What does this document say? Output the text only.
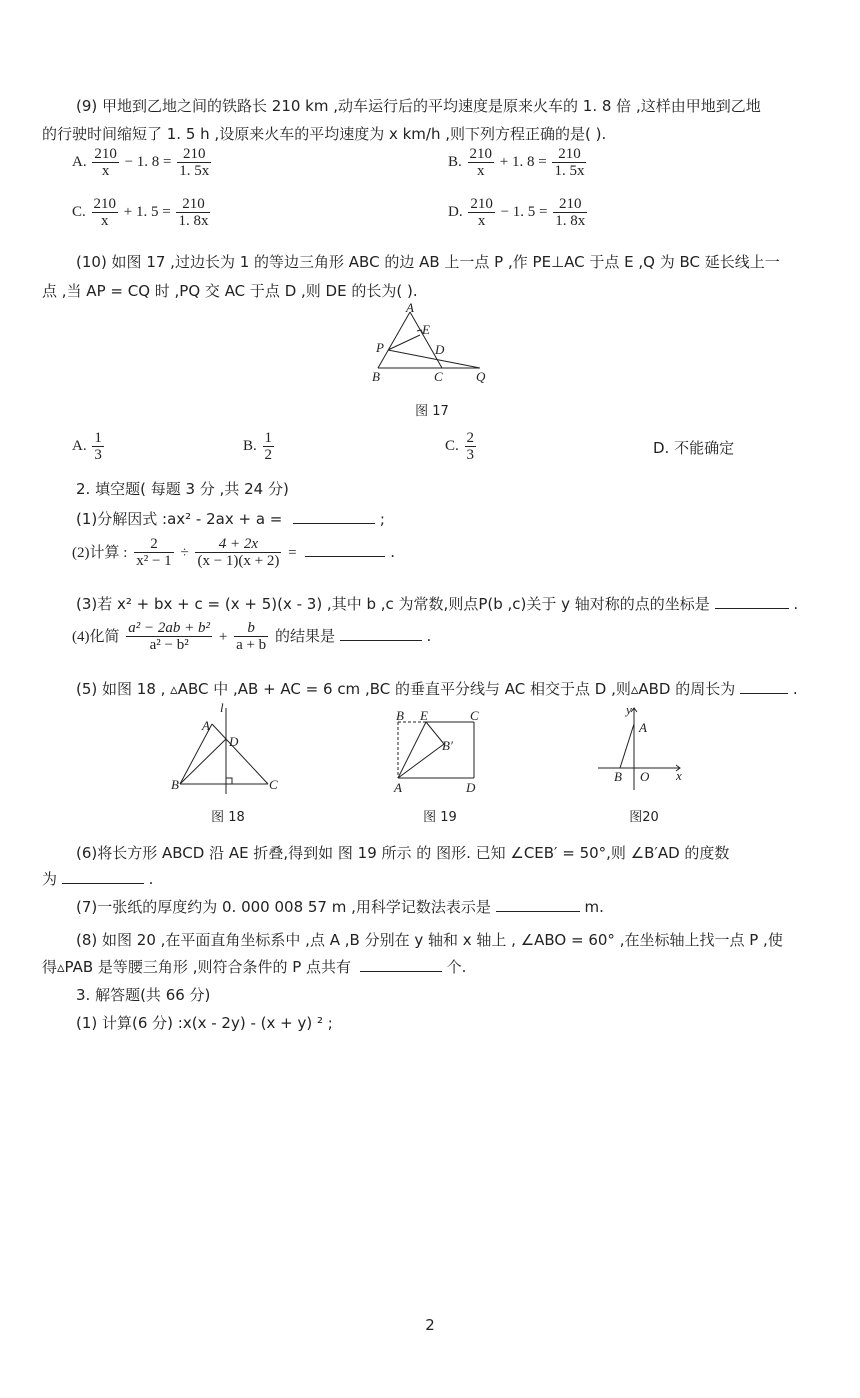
(9) 甲地到乙地之间的铁路长 210 km ,动车运行后的平均速度是原来火车的 1. 8 倍 ,这样由甲地到乙地
的行驶时间缩短了 1. 5 h ,设原来火车的平均速度为 x km/h ,则下列方程正确的是( ).
A. $\frac{210}{x} - 1$. $8 = \frac{210}{1. 5x}$	B. $\frac{210}{x} + 1$. $8 = \frac{210}{1. 5x}$
C. $\frac{210}{x} + 1$. $5 = \frac{210}{1. 8x}$	D. $\frac{210}{x} - 1$. $5 = \frac{210}{1. 8x}$
(10) 如图 17 ,过边长为 1 的等边三角形 ABC 的边 AB 上一点 P ,作 PE⊥AC 于点 E ,Q 为 BC 延长线上一
点 ,当 AP = CQ 时 ,PQ 交 AC 于点 D ,则 DE 的长为( ).
A
E
P	D
B	C	Q
图 17
A. $\frac{1}{3}$	B. $\frac{1}{2}$	C. $\frac{2}{3}$	D. 不能确定
2. 填空题( 每题 3 分 ,共 24 分)
(1)分解因式 :ax² - 2ax + a =	;
(2)计算 : $\frac{2}{\text{x² − 1}} \div \frac{4 + 2x}{(x - 1)(x + 2)}$ =	.
(3)若 x² + bx + c = (x + 5)(x - 3) ,其中 b ,c 为常数,则点P(b ,c)关于 y 轴对称的点的坐标是	.
(4)化简 $\frac{\text{a² − 2ab + b²}}{\text{a² − b²}} + \frac{b}{a + b}$ 的结果是	.
(5) 如图 18 , ▵ABC 中 ,AB + AC = 6 cm ,BC 的垂直平分线与 AC 相交于点 D ,则▵ABD 的周长为	.
A
l
D
B	C
图 18
B E	C
B′
A	D
图 19
y
A
B O x
图20
(6)将长方形 ABCD 沿 AE 折叠,得到如 图 19 所示 的 图形. 已知 ∠CEB′ = 50°,则 ∠B′AD 的度数
为	.
(7)一张纸的厚度约为 0. 000 008 57 m ,用科学记数法表示是	m.
(8) 如图 20 ,在平面直角坐标系中 ,点 A ,B 分别在 y 轴和 x 轴上 , ∠ABO = 60° ,在坐标轴上找一点 P ,使
得▵PAB 是等腰三角形 ,则符合条件的 P 点共有	个.
3. 解答题(共 66 分)
(1) 计算(6 分) :x(x - 2y) - (x + y) ² ;
2
